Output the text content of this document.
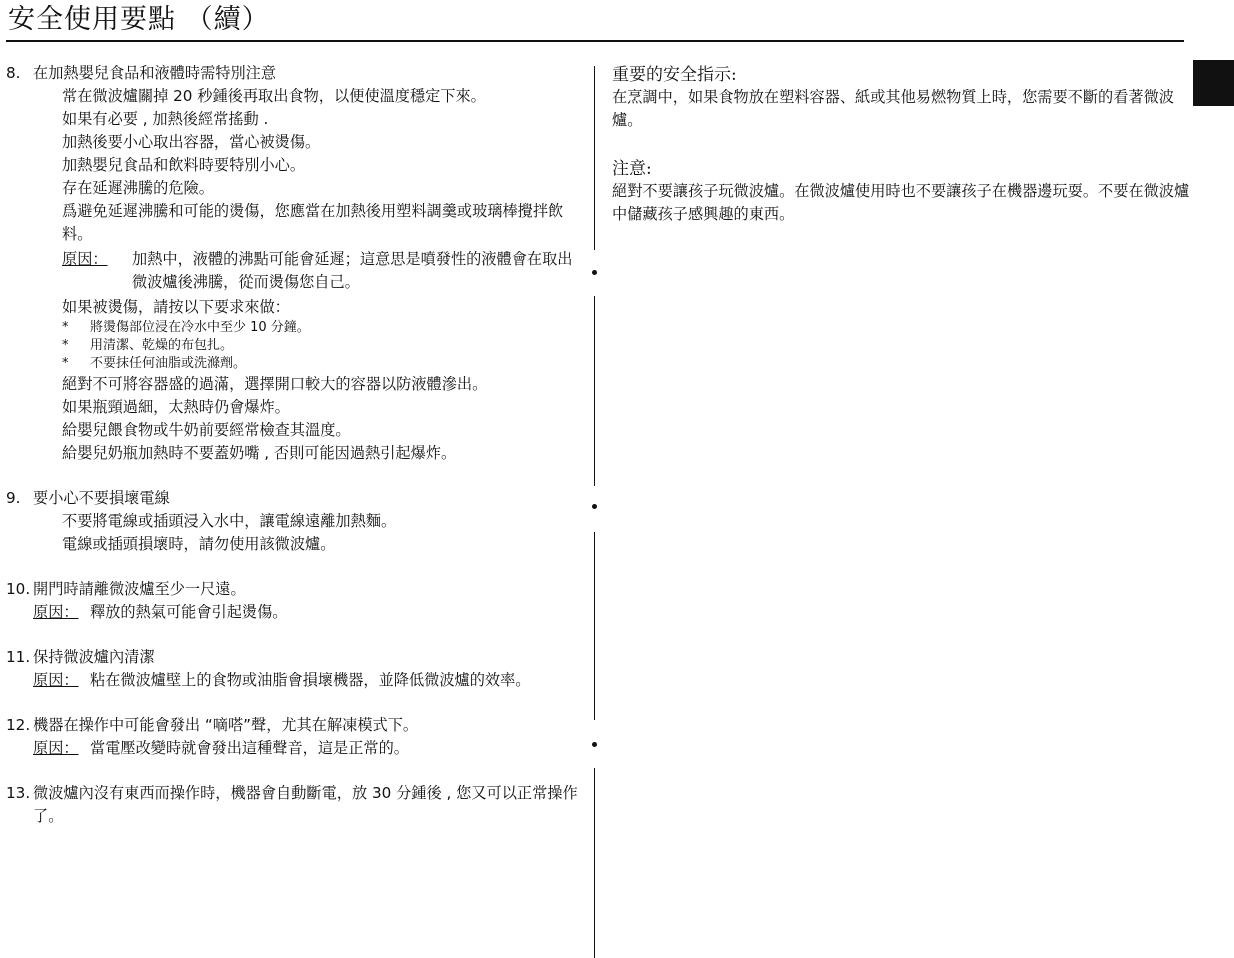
安全使用要點 （續）

8. 在加熱嬰兒食品和液體時需特別注意

常在微波爐關掉 20 秒鍾後再取出食物，以便使溫度穩定下來。

如果有必要 , 加熱後經常搖動 .

加熱後要小心取出容器，當心被燙傷。

加熱嬰兒食品和飲料時要特別小心。

存在延遲沸騰的危險。

爲避免延遲沸騰和可能的燙傷，您應當在加熱後用塑料調羹或玻璃棒攪拌飲料。

原因：	加熱中，液體的沸點可能會延遲；這意思是噴發性的液體會在取出微波爐後沸騰，從而燙傷您自己。

如果被燙傷，請按以下要求來做：

*	將燙傷部位浸在冷水中至少 10 分鐘。
*	用清潔、乾燥的布包扎。
*	不要抹任何油脂或洗滌劑。

絕對不可將容器盛的過滿，選擇開口較大的容器以防液體滲出。

如果瓶頸過細，太熱時仍會爆炸。

給嬰兒餵食物或牛奶前要經常檢查其溫度。

給嬰兒奶瓶加熱時不要蓋奶嘴 , 否則可能因過熱引起爆炸。

9. 要小心不要損壞電線

不要將電線或插頭浸入水中，讓電線遠離加熱麵。

電線或插頭損壞時，請勿使用該微波爐。

10. 開門時請離微波爐至少一尺遠。

原因： 釋放的熱氣可能會引起燙傷。

11. 保持微波爐內清潔

原因： 粘在微波爐壁上的食物或油脂會損壞機器，並降低微波爐的效率。

12. 機器在操作中可能會發出 “嘀嗒”聲，尤其在解凍模式下。

原因： 當電壓改變時就會發出這種聲音，這是正常的。
13. 微波爐內沒有東西而操作時，機器會自動斷電，放 30 分鍾後 , 您又可以正常操作了。

重要的安全指示:

在烹調中，如果食物放在塑料容器、紙或其他易燃物質上時，您需要不斷的看著微波爐。

注意:

絕對不要讓孩子玩微波爐。在微波爐使用時也不要讓孩子在機器邊玩耍。不要在微波爐中儲藏孩子感興趣的東西。
